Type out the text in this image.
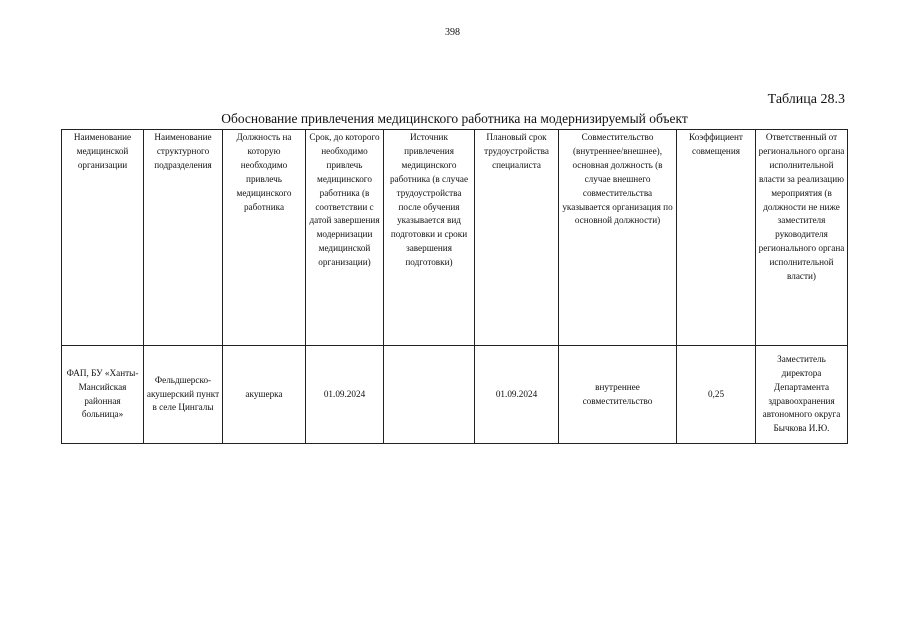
398
Таблица 28.3
Обоснование привлечения медицинского работника на модернизируемый объект
Наименование медицинской организации	Наименование структурного подразделения	Должность на которую необходимо привлечь медицинского работника	Срок, до которого необходимо привлечь медицинского работника (в соответствии с датой завершения модернизации медицинской организации)	Источник привлечения медицинского работника (в случае трудоустройства после обучения указывается вид подготовки и сроки завершения подготовки)	Плановый срок трудоустройства специалиста	Совместительство (внутреннее/внешнее), основная должность (в случае внешнего совместительства указывается организация по основной должности)	Коэффициент совмещения	Ответственный от регионального органа исполнительной власти за реализацию мероприятия (в должности не ниже заместителя руководителя регионального органа исполнительной власти)
ФАП, БУ «Ханты-Мансийская районная больница»	Фельдшерско-акушерский пункт в селе Цингалы	акушерка	01.09.2024		01.09.2024	внутреннее совместительство	0,25	Заместитель директора Департамента здравоохранения автономного округа Бычкова И.Ю.
